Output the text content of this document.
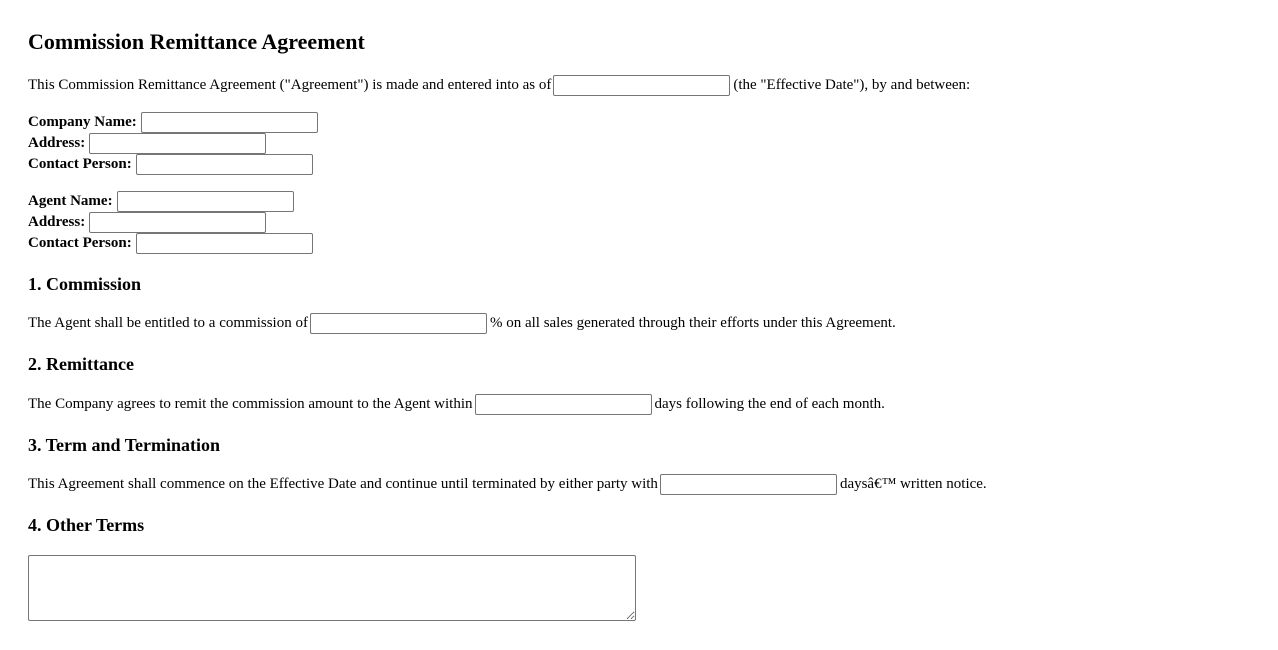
Commission Remittance Agreement
This Commission Remittance Agreement ("Agreement") is made and entered into as of	(the "Effective Date"), by and between:
Company Name:
Address:
Contact Person:
Agent Name:
Address:
Contact Person:
1. Commission
The Agent shall be entitled to a commission of	% on all sales generated through their efforts under this Agreement.
2. Remittance
The Company agrees to remit the commission amount to the Agent within	days following the end of each month.
3. Term and Termination
This Agreement shall commence on the Effective Date and continue until terminated by either party with	daysâ€™ written notice.
4. Other Terms
